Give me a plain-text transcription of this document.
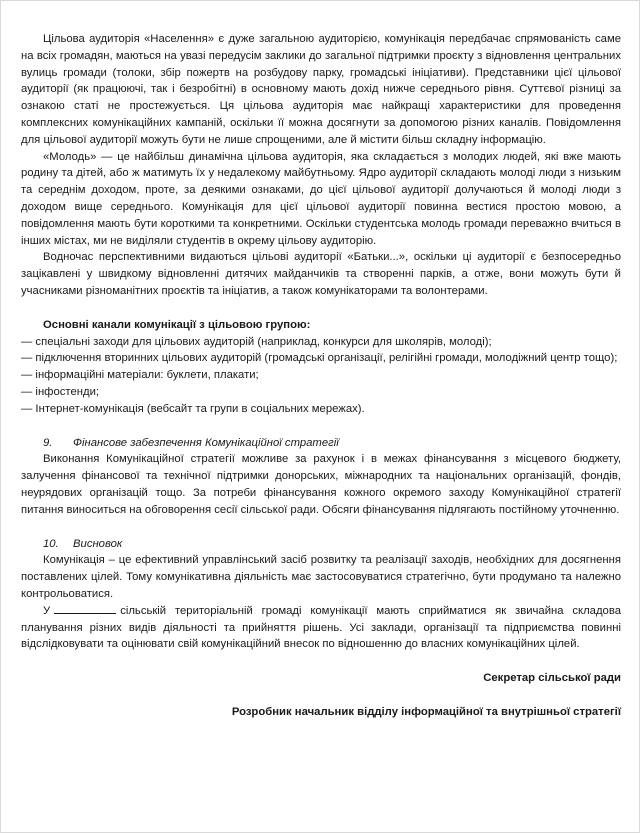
Цільова аудиторія «Населення» є дуже загальною аудиторією, комунікація передбачає спрямованість саме на всіх громадян, маються на увазі передусім заклики до загальної підтримки проєкту з відновлення центральних вулиць громади (толоки, збір пожертв на розбудову парку, громадські ініціативи). Представники цієї цільової аудиторії (як працюючі, так і безробітні) в основному мають дохід нижче середнього рівня. Суттєвої різниці за ознакою статі не простежується. Ця цільова аудиторія має найкращі характеристики для проведення комплексних комунікаційних кампаній, оскільки її можна досягнути за допомогою різних каналів. Повідомлення для цільової аудиторії можуть бути не лише спрощеними, але й містити більш складну інформацію.

«Молодь» — це найбільш динамічна цільова аудиторія, яка складається з молодих людей, які вже мають родину та дітей, або ж матимуть їх у недалекому майбутньому. Ядро аудиторії складають молоді люди з низьким та середнім доходом, проте, за деякими ознаками, до цієї цільової аудиторії долучаються й молоді люди з доходом вище середнього. Комунікація для цієї цільової аудиторії повинна вестися простою мовою, а повідомлення мають бути короткими та конкретними. Оскільки студентська молодь громади переважно вчиться в інших містах, ми не виділяли студентів в окрему цільову аудиторію.

Водночас перспективними видаються цільові аудиторії «Батьки...», оскільки ці аудиторії є безпосередньо зацікавлені у швидкому відновленні дитячих майданчиків та створенні парків, а отже, вони можуть бути й учасниками різноманітних проєктів та ініціатив, а також комунікаторами та волонтерами.

Основні канали комунікації з цільовою групою:

— спеціальні заходи для цільових аудиторій (наприклад, конкурси для школярів, молоді);

— підключення вторинних цільових аудиторій (громадські організації, релігійні громади, молодіжний центр тощо);

— інформаційні матеріали: буклети, плакати;

— інфостенди;

— Інтернет-комунікація (вебсайт та групи в соціальних мережах).

9. Фінансове забезпечення Комунікаційної стратегії

Виконання Комунікаційної стратегії можливе за рахунок і в межах фінансування з місцевого бюджету, залучення фінансової та технічної підтримки донорських, міжнародних та національних організацій, фондів, неурядових організацій тощо. За потреби фінансування кожного окремого заходу Комунікаційної стратегії питання виноситься на обговорення сесії сільської ради. Обсяги фінансування підлягають постійному уточненню.

10. Висновок

Комунікація – це ефективний управлінський засіб розвитку та реалізації заходів, необхідних для досягнення поставлених цілей. Тому комунікативна діяльність має застосовуватися стратегічно, бути продумано та належно контрольоватися.

У	сільській територіальній громаді комунікації мають сприйматися як звичайна складова планування різних видів діяльності та прийняття рішень. Усі заклади, організації та підприємства повинні відслідковувати та оцінювати свій комунікаційний внесок по відношенню до власних комунікаційних цілей.

Секретар сільської ради

Розробник начальник відділу інформаційної та внутрішньої стратегії
